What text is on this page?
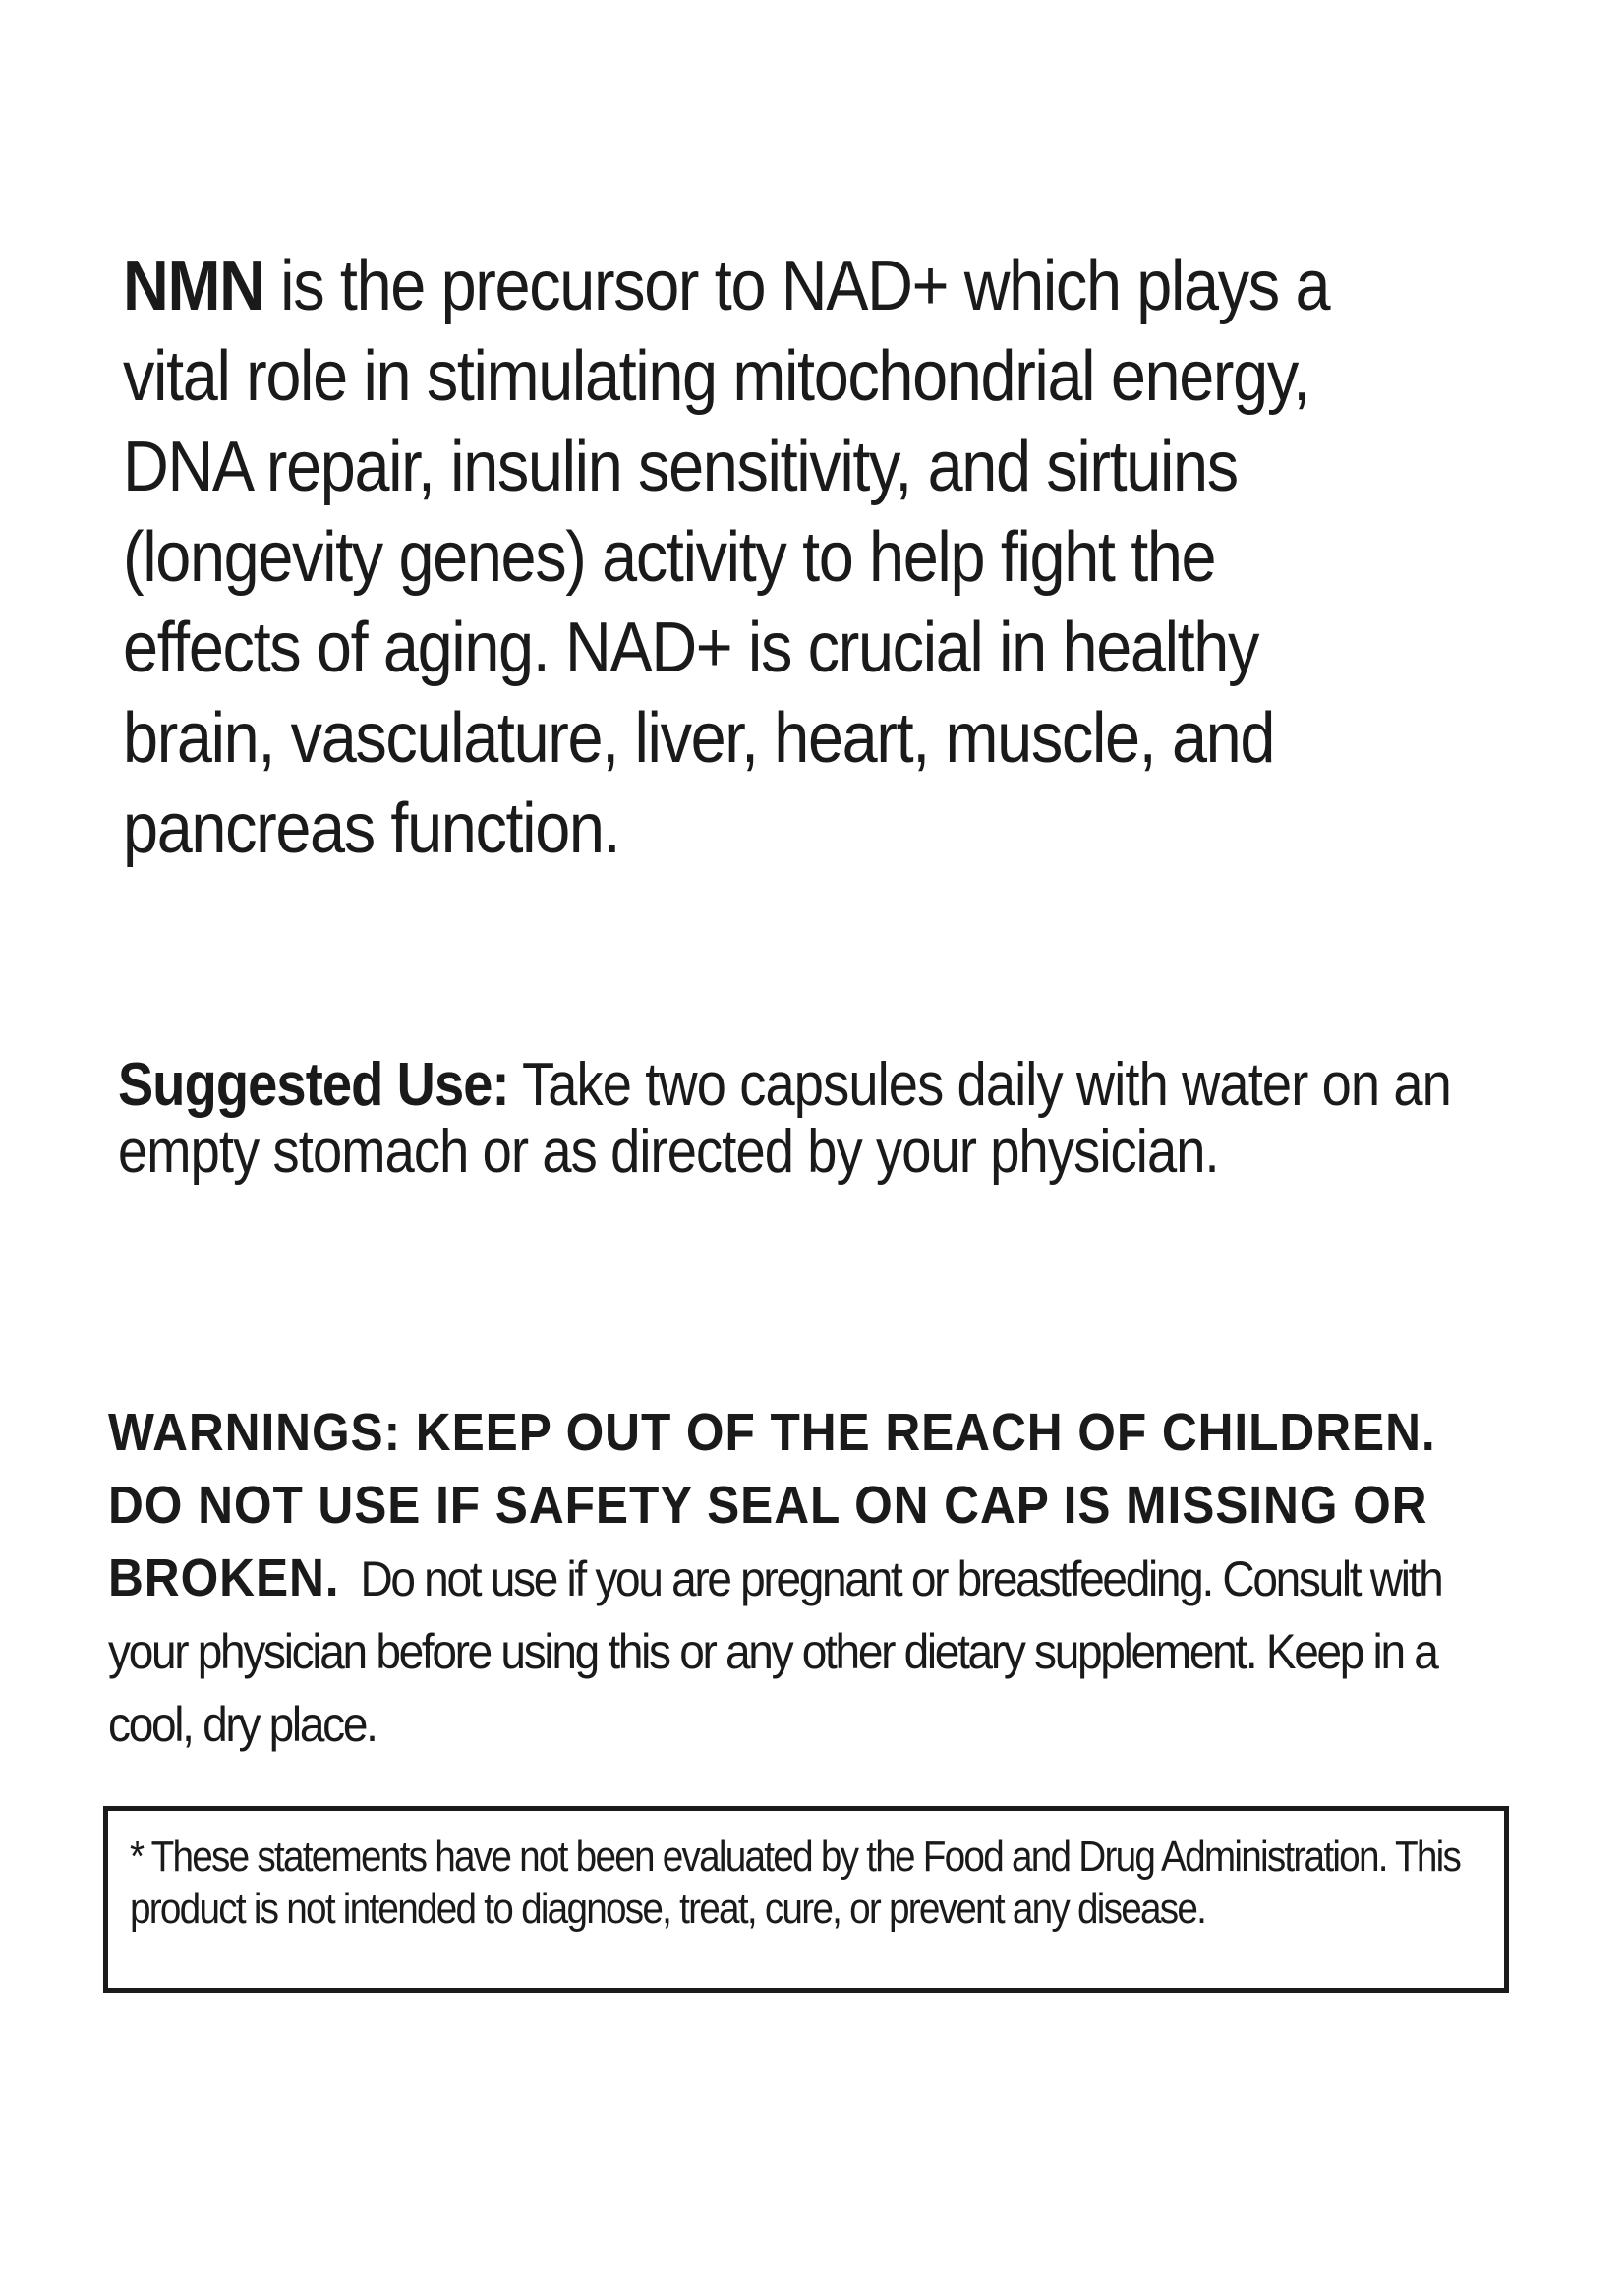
NMN is the precursor to NAD+ which plays a vital role in stimulating mitochondrial energy, DNA repair, insulin sensitivity, and sirtuins (longevity genes) activity to help fight the effects of aging. NAD+ is crucial in healthy brain, vasculature, liver, heart, muscle, and pancreas function.

Suggested Use: Take two capsules daily with water on an empty stomach or as directed by your physician.

WARNINGS: KEEP OUT OF THE REACH OF CHILDREN. DO NOT USE IF SAFETY SEAL ON CAP IS MISSING OR BROKEN.  Do not use if you are pregnant or breastfeeding. Consult with your physician before using this or any other dietary supplement. Keep in a cool, dry place.

* These statements have not been evaluated by the Food and Drug Administration. This product is not intended to diagnose, treat, cure, or prevent any disease.
